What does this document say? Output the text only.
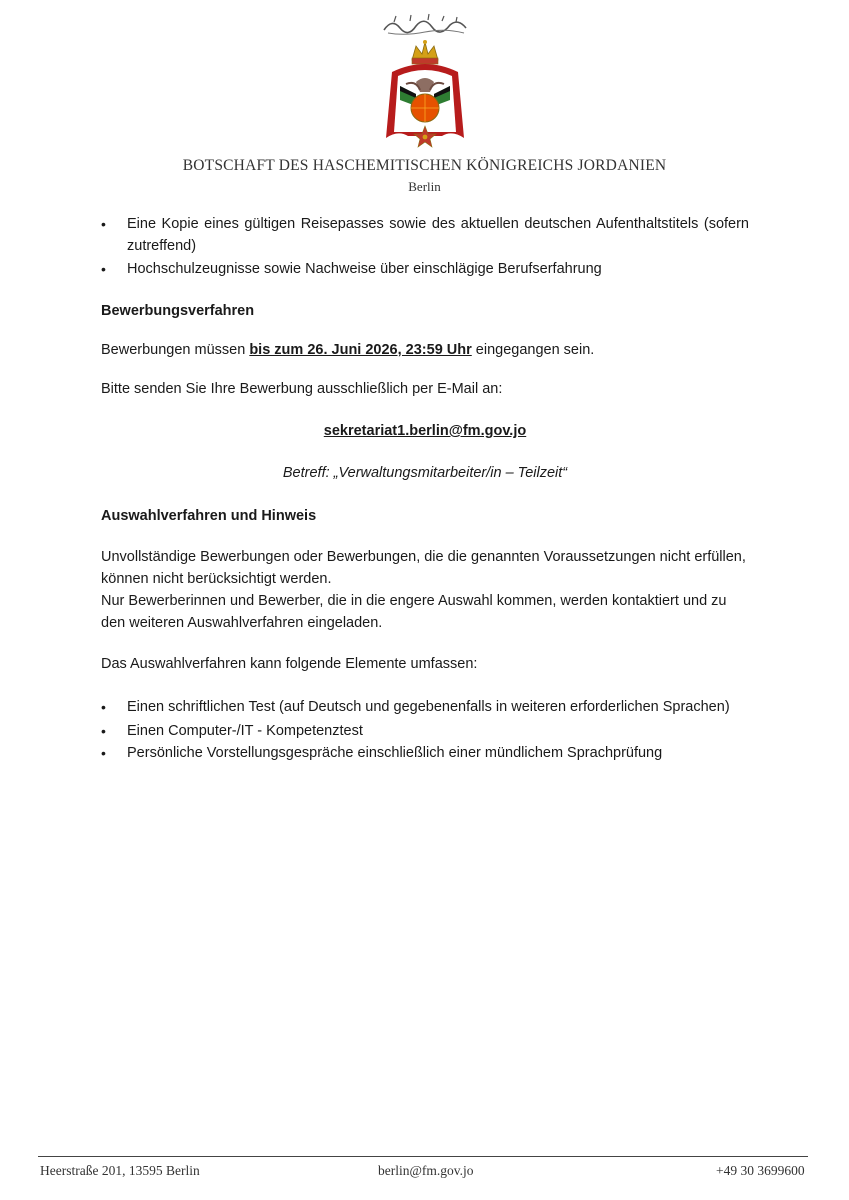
BOTSCHAFT DES HASCHEMITISCHEN KÖNIGREICHS JORDANIEN
Berlin
•	Eine Kopie eines gültigen Reisepasses sowie des aktuellen deutschen Aufenthaltstitels (sofern zutreffend)
•	Hochschulzeugnisse sowie Nachweise über einschlägige Berufserfahrung
Bewerbungsverfahren
Bewerbungen müssen bis zum 26. Juni 2026, 23:59 Uhr eingegangen sein.
Bitte senden Sie Ihre Bewerbung ausschließlich per E-Mail an:
sekretariat1.berlin@fm.gov.jo
Betreff: „Verwaltungsmitarbeiter/in – Teilzeit“
Auswahlverfahren und Hinweis
Unvollständige Bewerbungen oder Bewerbungen, die die genannten Voraussetzungen nicht erfüllen,
können nicht berücksichtigt werden.
Nur Bewerberinnen und Bewerber, die in die engere Auswahl kommen, werden kontaktiert und zu
den weiteren Auswahlverfahren eingeladen.
Das Auswahlverfahren kann folgende Elemente umfassen:
•	Einen schriftlichen Test (auf Deutsch und gegebenenfalls in weiteren erforderlichen Sprachen)
•	Einen Computer-/IT - Kompetenztest
•	Persönliche Vorstellungsgespräche einschließlich einer mündlichem Sprachprüfung
Heerstraße 201, 13595 Berlin	berlin@fm.gov.jo	+49 30 3699600
